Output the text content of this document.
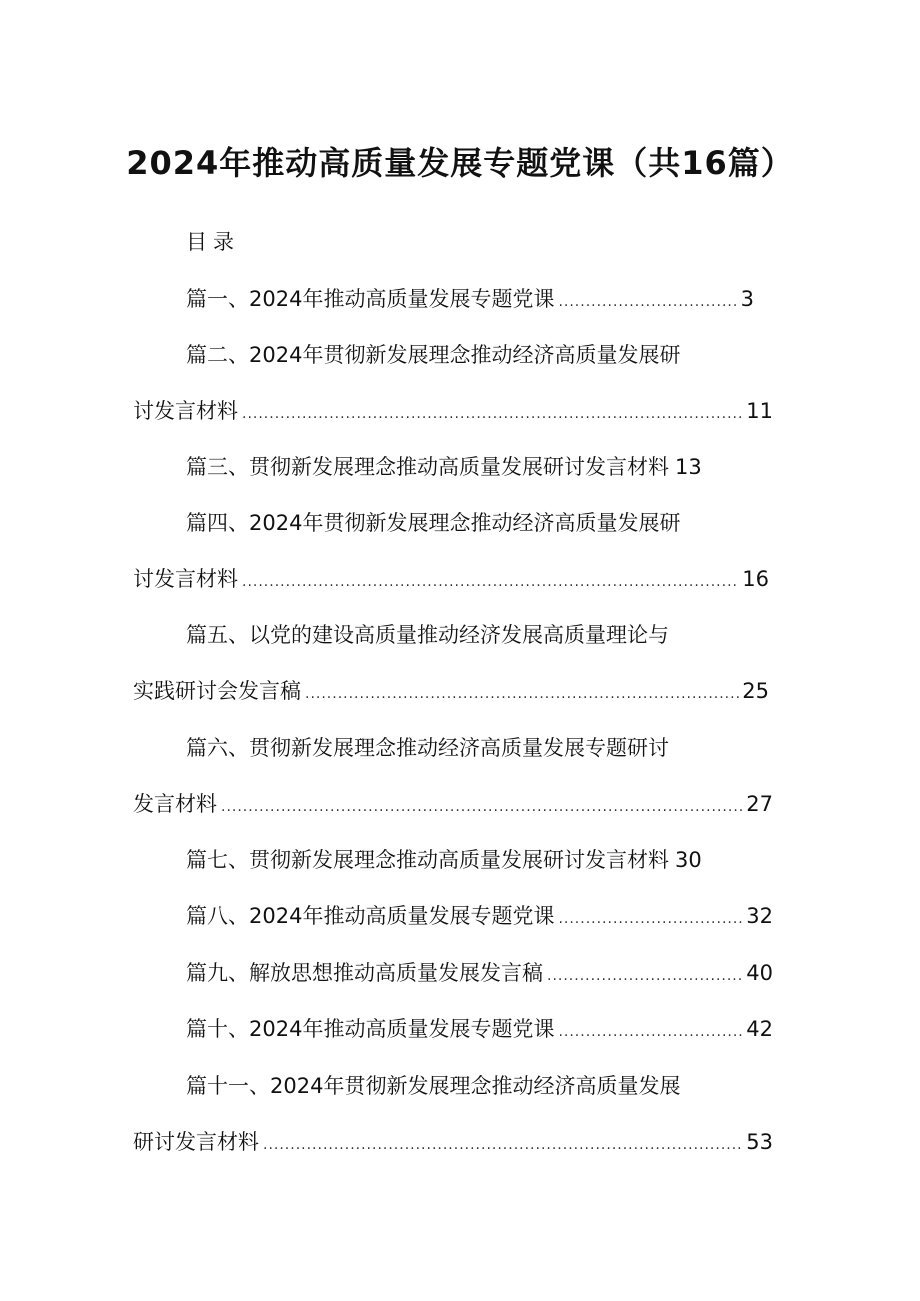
2024年推动高质量发展专题党课（共16篇）
目录
篇一、2024年推动高质量发展专题党课 .....	3
篇二、2024年贯彻新发展理念推动经济高质量发展研
讨发言材料 .....	11
篇三、贯彻新发展理念推动高质量发展研讨发言材料 13
篇四、2024年贯彻新发展理念推动经济高质量发展研
讨发言材料 .....	16
篇五、以党的建设高质量推动经济发展高质量理论与
实践研讨会发言稿 .....	25
篇六、贯彻新发展理念推动经济高质量发展专题研讨
发言材料 .....	27
篇七、贯彻新发展理念推动高质量发展研讨发言材料 30
篇八、2024年推动高质量发展专题党课 .....	32
篇九、解放思想推动高质量发展发言稿 .....	40
篇十、2024年推动高质量发展专题党课 .....	42
篇十一、2024年贯彻新发展理念推动经济高质量发展
研讨发言材料 .....	53
